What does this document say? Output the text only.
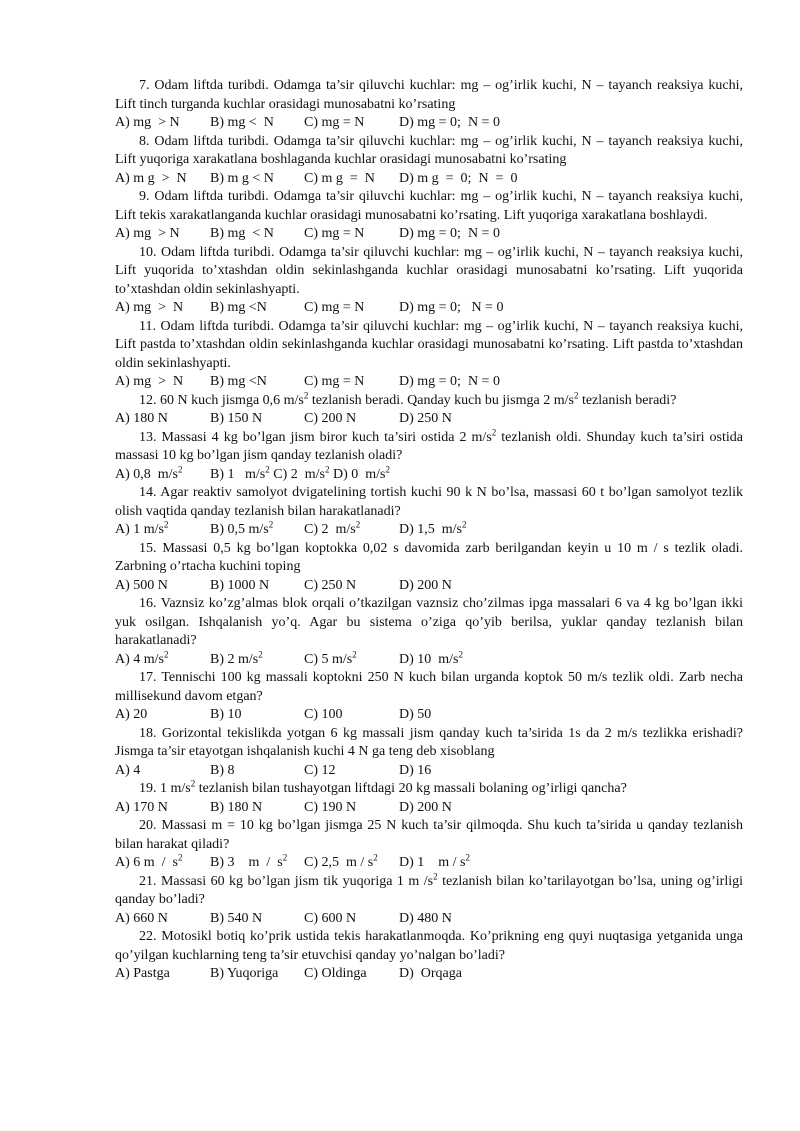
7. Odam liftda turibdi. Odamga ta’sir qiluvchi kuchlar: mg – og’irlik kuchi, N – tayanch reaksiya kuchi, Lift tinch turganda kuchlar orasidagi munosabatni ko’rsating

A) mg  > N	B) mg <  N	C) mg = N	D) mg = 0;  N = 0

8. Odam liftda turibdi. Odamga ta’sir qiluvchi kuchlar: mg – og’irlik kuchi, N – tayanch reaksiya kuchi, Lift yuqoriga xarakatlana boshlaganda kuchlar orasidagi munosabatni ko’rsating

A) m g  >  N	B) m g < N	C) m g  =  N	D) m g  =  0;  N  =  0

9. Odam liftda turibdi. Odamga ta’sir qiluvchi kuchlar: mg – og’irlik kuchi, N – tayanch reaksiya kuchi, Lift tekis xarakatlanganda kuchlar orasidagi munosabatni ko’rsating. Lift yuqoriga xarakatlana boshlaydi.

A) mg  > N	B) mg  < N	C) mg = N	D) mg = 0;  N = 0

10. Odam liftda turibdi. Odamga ta’sir qiluvchi kuchlar: mg – og’irlik kuchi, N – tayanch reaksiya kuchi, Lift yuqorida to’xtashdan oldin sekinlashganda kuchlar orasidagi munosabatni ko’rsating. Lift yuqorida to’xtashdan oldin sekinlashyapti.

A) mg  >  N	B) mg <N	C) mg = N	D) mg = 0;   N = 0

11. Odam liftda turibdi. Odamga ta’sir qiluvchi kuchlar: mg – og’irlik kuchi, N – tayanch reaksiya kuchi, Lift pastda to’xtashdan oldin sekinlashganda kuchlar orasidagi munosabatni ko’rsating. Lift pastda to’xtashdan oldin sekinlashyapti.

A) mg  >  N	B) mg <N	C) mg = N	D) mg = 0;  N = 0

12. 60 N kuch jismga 0,6 $m/s^2$ tezlanish beradi. Qanday kuch bu jismga 2 $m/s^2$ tezlanish beradi?

A) 180 N	B) 150 N	C) 200 N	D) 250 N

13. Massasi 4 kg bo’lgan jism biror kuch ta’siri ostida 2 $m/s^2$ tezlanish oldi. Shunday kuch ta’siri ostida massasi 10 kg bo’lgan jism qanday tezlanish oladi?

A) 0,8  $m/s^2$	B) 1   $m/s^2$ C) 2  $m/s^2$ D) 0  $m/s^2$

14. Agar reaktiv samolyot dvigatelining tortish kuchi 90 k N bo’lsa, massasi 60 t bo’lgan samolyot tezlik olish vaqtida qanday tezlanish bilan harakatlanadi?

A) 1 $m/s^2$	B) 0,5 $m/s^2$	C) 2  $m/s^2$	D) 1,5  $m/s^2$

15. Massasi 0,5 kg bo’lgan koptokka 0,02 s davomida zarb berilgandan keyin u 10 m / s tezlik oladi. Zarbning o’rtacha kuchini toping

A) 500 N	B) 1000 N	C) 250 N	D) 200 N

16. Vaznsiz ko’zg’almas blok orqali o’tkazilgan vaznsiz cho’zilmas ipga massalari 6 va 4 kg bo’lgan ikki yuk osilgan. Ishqalanish yo’q. Agar bu sistema o’ziga qo’yib berilsa, yuklar qanday tezlanish bilan harakatlanadi?

A) 4 $m/s^2$	B) 2 $m/s^2$	C) 5 $m/s^2$	D) 10  $m/s^2$

17. Tennischi 100 kg massali koptokni 250 N kuch bilan urganda koptok 50 m/s tezlik oldi. Zarb necha millisekund davom etgan?

A) 20	B) 10	C) 100	D) 50

18. Gorizontal tekislikda yotgan 6 kg massali jism qanday kuch ta’sirida 1s da 2 m/s tezlikka erishadi? Jismga ta’sir etayotgan ishqalanish kuchi 4 N ga teng deb xisoblang

A) 4	B) 8	C) 12	D) 16

19. 1 $m/s^2$ tezlanish bilan tushayotgan liftdagi 20 kg massali bolaning og’irligi qancha?

A) 170 N	B) 180 N	C) 190 N	D) 200 N

20. Massasi m = 10 kg bo’lgan jismga 25 N kuch ta’sir qilmoqda. Shu kuch ta’sirida u qanday tezlanish bilan harakat qiladi?

A) 6 m  /  $s^2$	B) 3    m  /  $s^2$	C) 2,5  m / $s^2$	D) 1    m / $s^2$

21. Massasi 60 kg bo’lgan jism tik yuqoriga 1 m $/s^2$ tezlanish bilan ko’tarilayotgan bo’lsa, uning og’irligi qanday bo’ladi?

A) 660 N	B) 540 N	C) 600 N	D) 480 N

22. Motosikl botiq ko’prik ustida tekis harakatlanmoqda. Ko’prikning eng quyi nuqtasiga yetganida unga qo’yilgan kuchlarning teng ta’sir etuvchisi qanday yo’nalgan bo’ladi?

A) Pastga	B) Yuqoriga	C) Oldinga	D)  Orqaga
